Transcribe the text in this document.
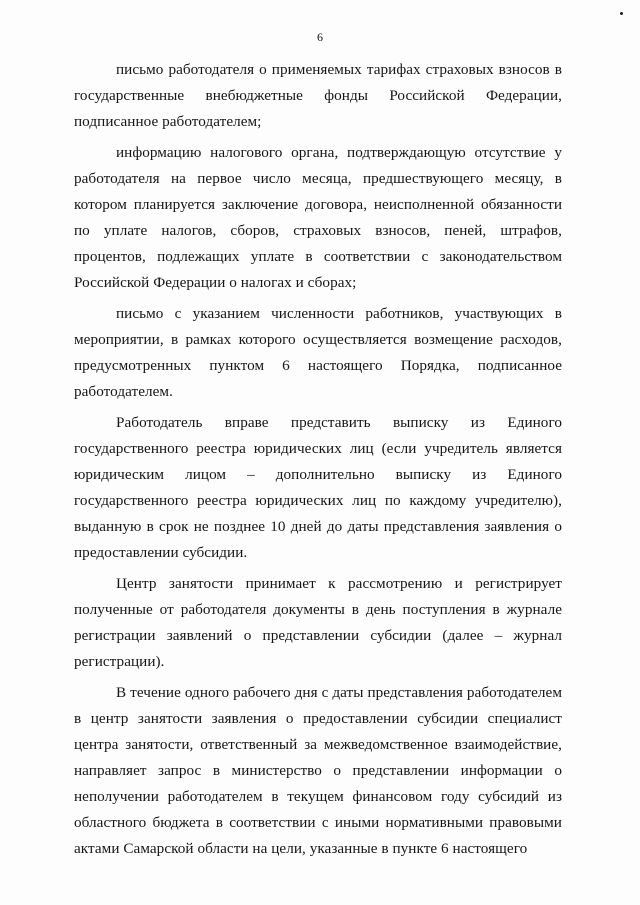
6

письмо работодателя о применяемых тарифах страховых взносов в государственные внебюджетные фонды Российской Федерации, подписанное работодателем;

информацию налогового органа, подтверждающую отсутствие у работодателя на первое число месяца, предшествующего месяцу, в котором планируется заключение договора, неисполненной обязанности по уплате налогов, сборов, страховых взносов, пеней, штрафов, процентов, подлежащих уплате в соответствии с законодательством Российской Федерации о налогах и сборах;

письмо с указанием численности работников, участвующих в мероприятии, в рамках которого осуществляется возмещение расходов, предусмотренных пунктом 6 настоящего Порядка, подписанное работодателем.

Работодатель вправе представить выписку из Единого государственного реестра юридических лиц (если учредитель является юридическим лицом – дополнительно выписку из Единого государственного реестра юридических лиц по каждому учредителю), выданную в срок не позднее 10 дней до даты представления заявления о предоставлении субсидии.

Центр занятости принимает к рассмотрению и регистрирует полученные от работодателя документы в день поступления в журнале регистрации заявлений о представлении субсидии (далее – журнал регистрации).

В течение одного рабочего дня с даты представления работодателем в центр занятости заявления о предоставлении субсидии специалист центра занятости, ответственный за межведомственное взаимодействие, направляет запрос в министерство о представлении информации о неполучении работодателем в текущем финансовом году субсидий из областного бюджета в соответствии с иными нормативными правовыми актами Самарской области на цели, указанные в пункте 6 настоящего
